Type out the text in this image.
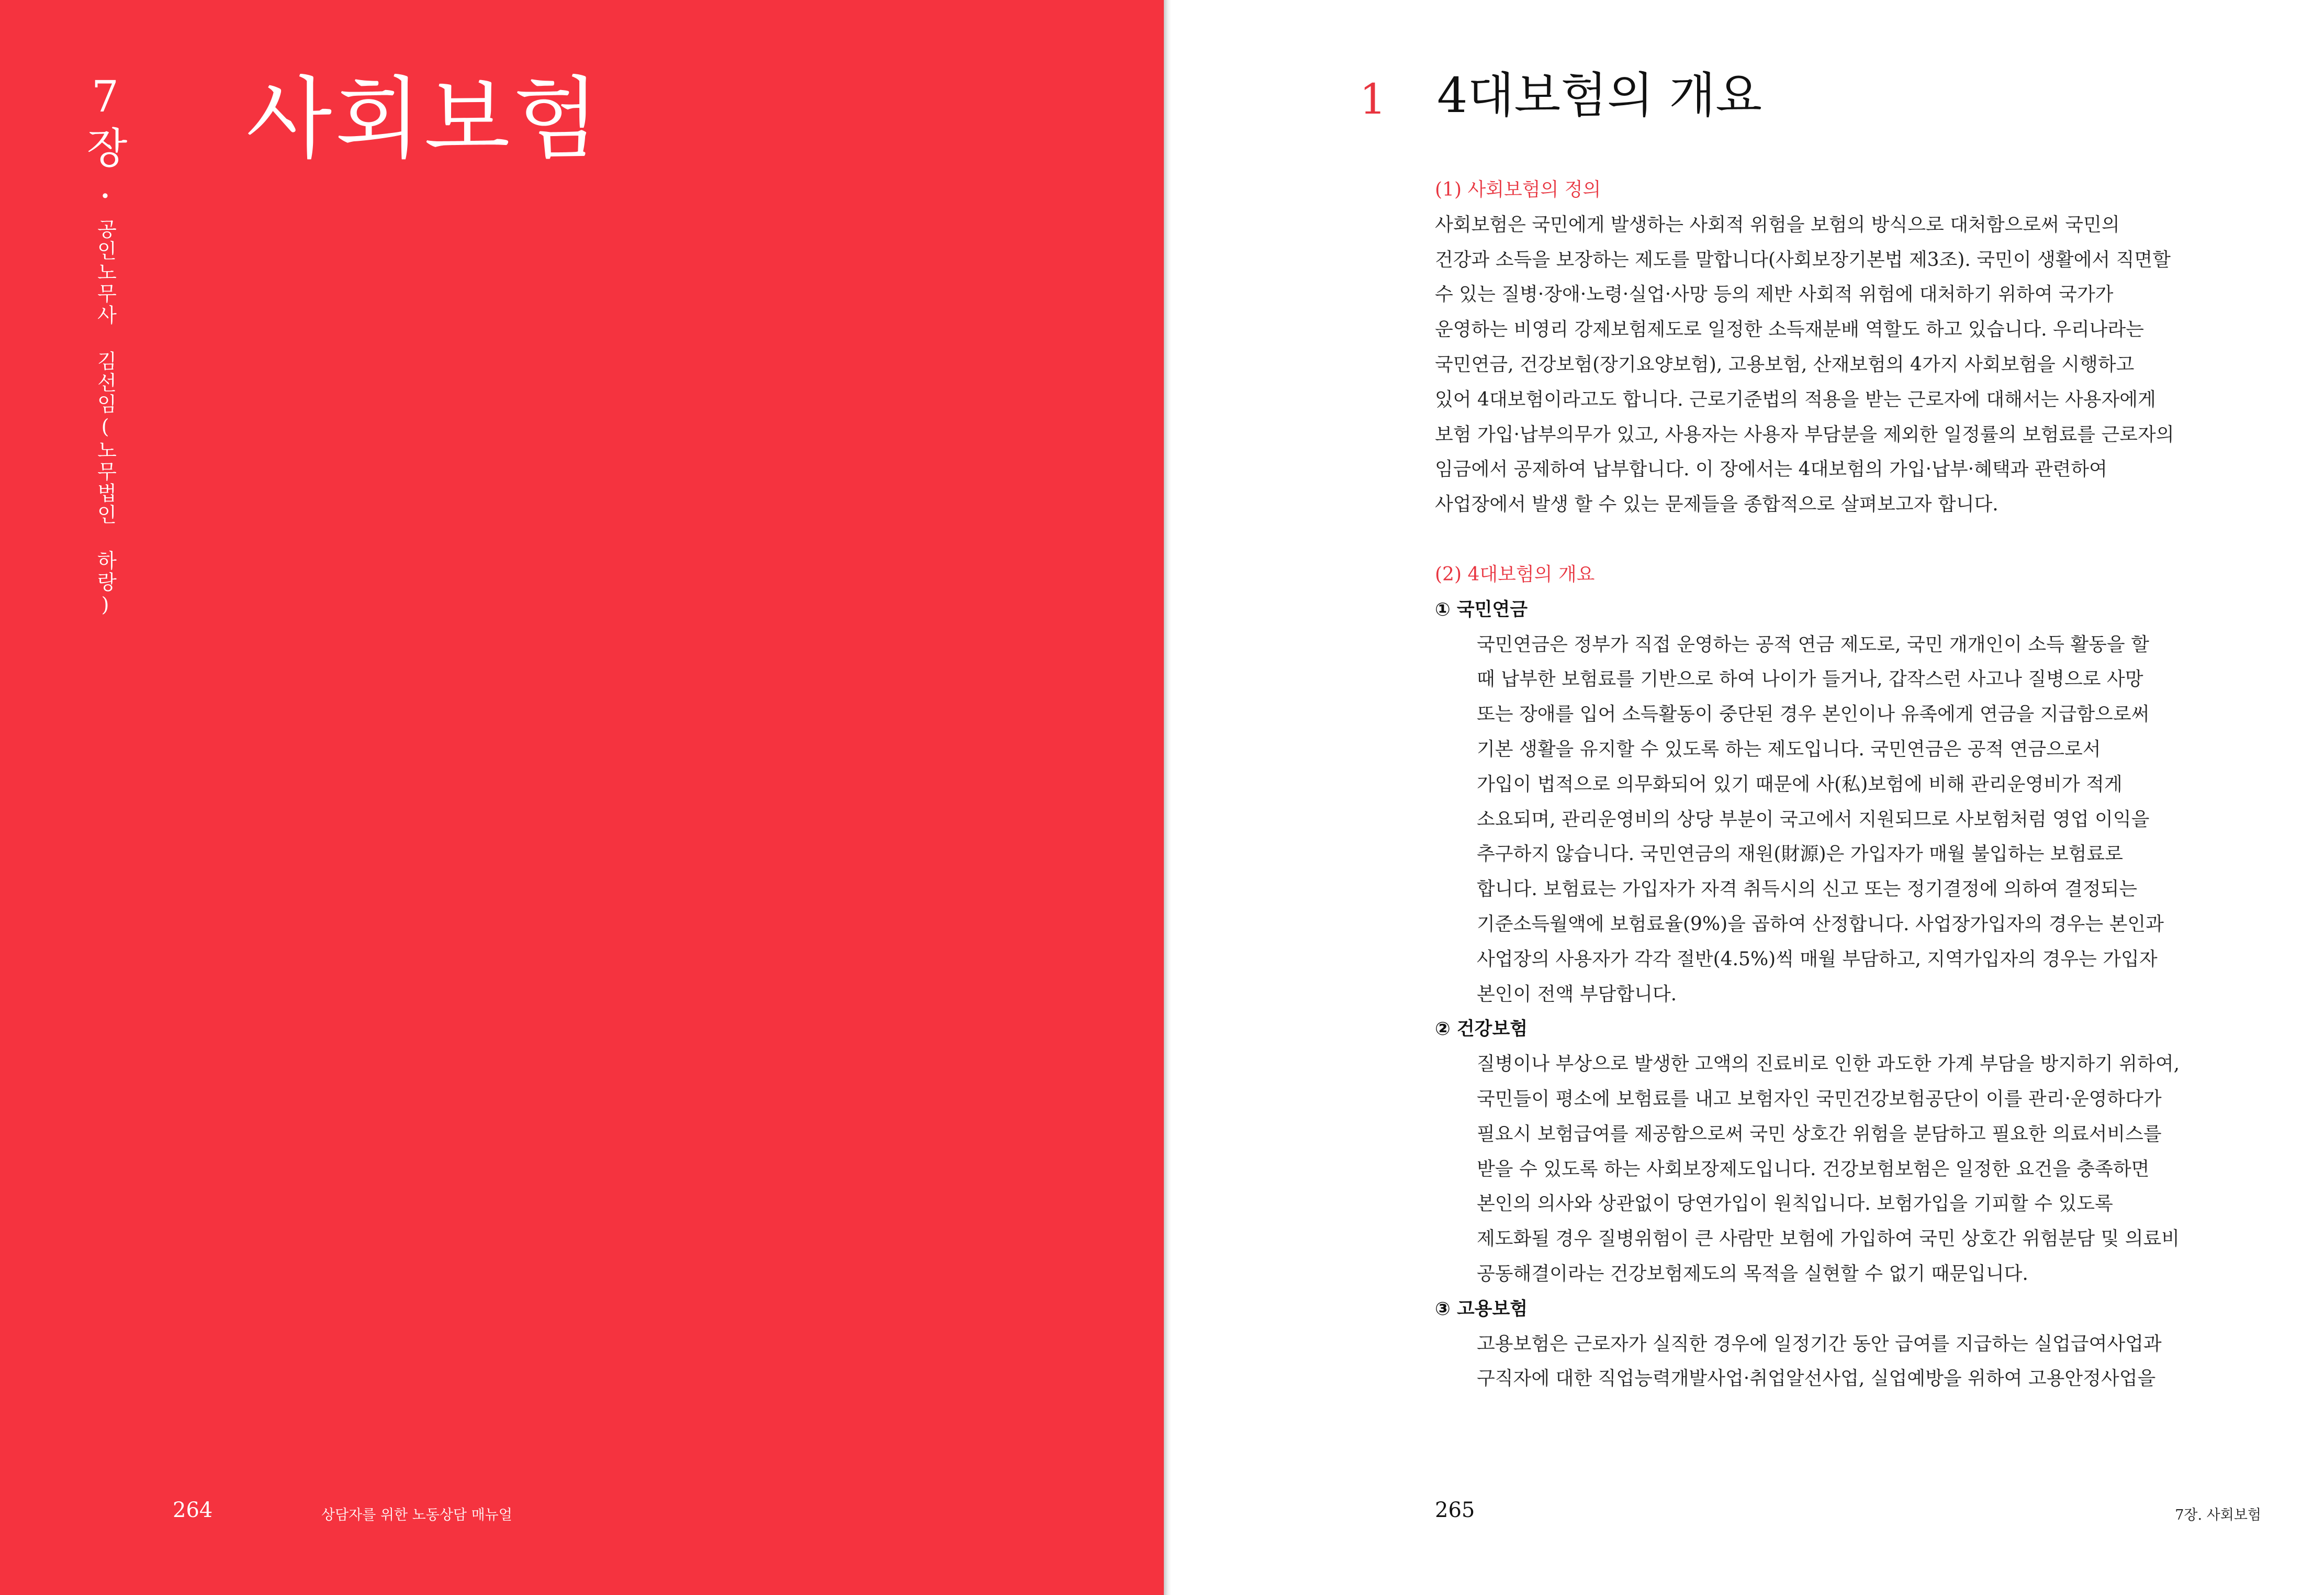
7
장
·
공인노무사 김선임(노무법인 하랑)
사회보험
264	상담자를 위한 노동상담 매뉴얼
1 4대보험의 개요
(1) 사회보험의 정의
사회보험은 국민에게 발생하는 사회적 위험을 보험의 방식으로 대처함으로써 국민의
건강과 소득을 보장하는 제도를 말합니다(사회보장기본법 제3조). 국민이 생활에서 직면할
수 있는 질병·장애·노령·실업·사망 등의 제반 사회적 위험에 대처하기 위하여 국가가
운영하는 비영리 강제보험제도로 일정한 소득재분배 역할도 하고 있습니다. 우리나라는
국민연금, 건강보험(장기요양보험), 고용보험, 산재보험의 4가지 사회보험을 시행하고
있어 4대보험이라고도 합니다. 근로기준법의 적용을 받는 근로자에 대해서는 사용자에게
보험 가입·납부의무가 있고, 사용자는 사용자 부담분을 제외한 일정률의 보험료를 근로자의
임금에서 공제하여 납부합니다. 이 장에서는 4대보험의 가입·납부·혜택과 관련하여
사업장에서 발생 할 수 있는 문제들을 종합적으로 살펴보고자 합니다.
(2) 4대보험의 개요
① 국민연금
국민연금은 정부가 직접 운영하는 공적 연금 제도로, 국민 개개인이 소득 활동을 할
때 납부한 보험료를 기반으로 하여 나이가 들거나, 갑작스런 사고나 질병으로 사망
또는 장애를 입어 소득활동이 중단된 경우 본인이나 유족에게 연금을 지급함으로써
기본 생활을 유지할 수 있도록 하는 제도입니다. 국민연금은 공적 연금으로서
가입이 법적으로 의무화되어 있기 때문에 사(私)보험에 비해 관리운영비가 적게
소요되며, 관리운영비의 상당 부분이 국고에서 지원되므로 사보험처럼 영업 이익을
추구하지 않습니다. 국민연금의 재원(財源)은 가입자가 매월 불입하는 보험료로
합니다. 보험료는 가입자가 자격 취득시의 신고 또는 정기결정에 의하여 결정되는
기준소득월액에 보험료율(9%)을 곱하여 산정합니다. 사업장가입자의 경우는 본인과
사업장의 사용자가 각각 절반(4.5%)씩 매월 부담하고, 지역가입자의 경우는 가입자
본인이 전액 부담합니다.
② 건강보험
질병이나 부상으로 발생한 고액의 진료비로 인한 과도한 가계 부담을 방지하기 위하여,
국민들이 평소에 보험료를 내고 보험자인 국민건강보험공단이 이를 관리·운영하다가
필요시 보험급여를 제공함으로써 국민 상호간 위험을 분담하고 필요한 의료서비스를
받을 수 있도록 하는 사회보장제도입니다. 건강보험보험은 일정한 요건을 충족하면
본인의 의사와 상관없이 당연가입이 원칙입니다. 보험가입을 기피할 수 있도록
제도화될 경우 질병위험이 큰 사람만 보험에 가입하여 국민 상호간 위험분담 및 의료비
공동해결이라는 건강보험제도의 목적을 실현할 수 없기 때문입니다.
③ 고용보험
고용보험은 근로자가 실직한 경우에 일정기간 동안 급여를 지급하는 실업급여사업과
구직자에 대한 직업능력개발사업·취업알선사업, 실업예방을 위하여 고용안정사업을
265	7장. 사회보험
